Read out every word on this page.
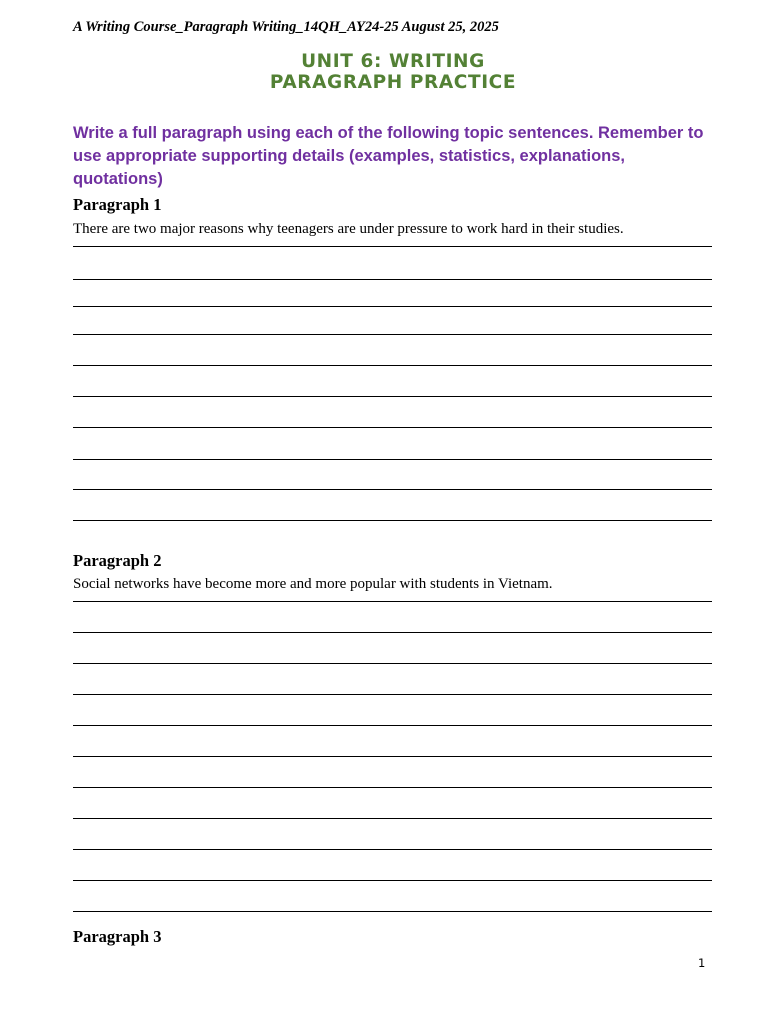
A Writing Course_Paragraph Writing_14QH_AY24-25 August 25, 2025
UNIT 6: WRITING
PARAGRAPH PRACTICE
Write a full paragraph using each of the following topic sentences. Remember to use appropriate supporting details (examples, statistics, explanations, quotations)
Paragraph 1
There are two major reasons why teenagers are under pressure to work hard in their studies.
Paragraph 2
Social networks have become more and more popular with students in Vietnam.
Paragraph 3
1
